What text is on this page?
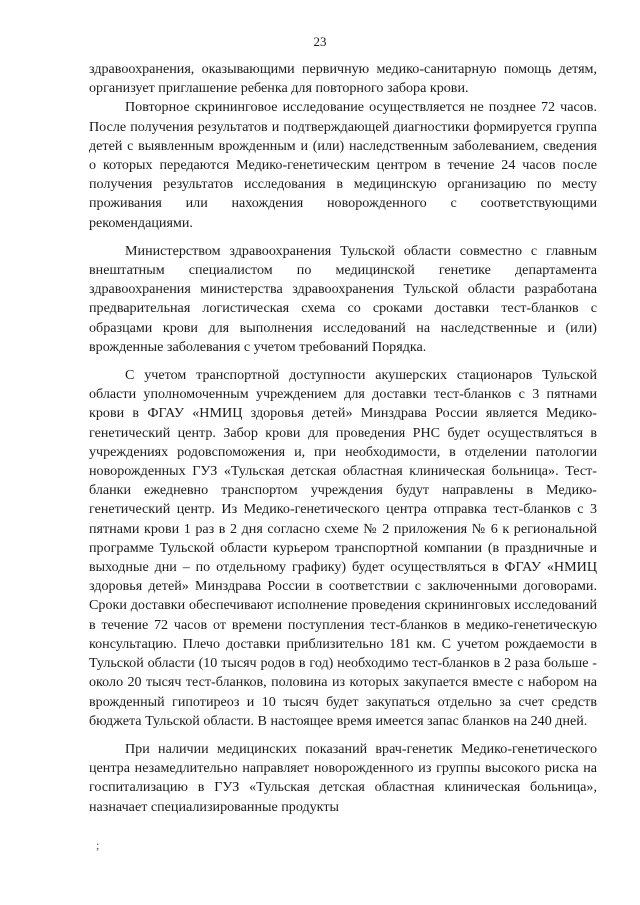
23

здравоохранения, оказывающими первичную медико-санитарную помощь детям, организует приглашение ребенка для повторного забора крови.

Повторное скрининговое исследование осуществляется не позднее 72 часов. После получения результатов и подтверждающей диагностики формируется группа детей с выявленным врожденным и (или) наследственным заболеванием, сведения о которых передаются Медико-генетическим центром в течение 24 часов после получения результатов исследования в медицинскую организацию по месту проживания или нахождения новорожденного с соответствующими рекомендациями.

Министерством здравоохранения Тульской области совместно с главным внештатным специалистом по медицинской генетике департамента здравоохранения министерства здравоохранения Тульской области разработана предварительная логистическая схема со сроками доставки тест-бланков с образцами крови для выполнения исследований на наследственные и (или) врожденные заболевания с учетом требований Порядка.

С учетом транспортной доступности акушерских стационаров Тульской области уполномоченным учреждением для доставки тест-бланков с 3 пятнами крови в ФГАУ «НМИЦ здоровья детей» Минздрава России является Медико-генетический центр. Забор крови для проведения РНС будет осуществляться в учреждениях родовспоможения и, при необходимости, в отделении патологии новорожденных ГУЗ «Тульская детская областная клиническая больница». Тест-бланки ежедневно транспортом учреждения будут направлены в Медико-генетический центр. Из Медико-генетического центра отправка тест-бланков с 3 пятнами крови 1 раз в 2 дня согласно схеме № 2 приложения № 6 к региональной программе Тульской области курьером транспортной компании (в праздничные и выходные дни – по отдельному графику) будет осуществляться в ФГАУ «НМИЦ здоровья детей» Минздрава России в соответствии с заключенными договорами. Сроки доставки обеспечивают исполнение проведения скрининговых исследований в течение 72 часов от времени поступления тест-бланков в медико-генетическую консультацию. Плечо доставки приблизительно 181 км. С учетом рождаемости в Тульской области (10 тысяч родов в год) необходимо тест-бланков в 2 раза больше - около 20 тысяч тест-бланков, половина из которых закупается вместе с набором на врожденный гипотиреоз и 10 тысяч будет закупаться отдельно за счет средств бюджета Тульской области. В настоящее время имеется запас бланков на 240 дней.

При наличии медицинских показаний врач-генетик Медико-генетического центра незамедлительно направляет новорожденного из группы высокого риска на госпитализацию в ГУЗ «Тульская детская областная клиническая больница», назначает специализированные продукты

;
